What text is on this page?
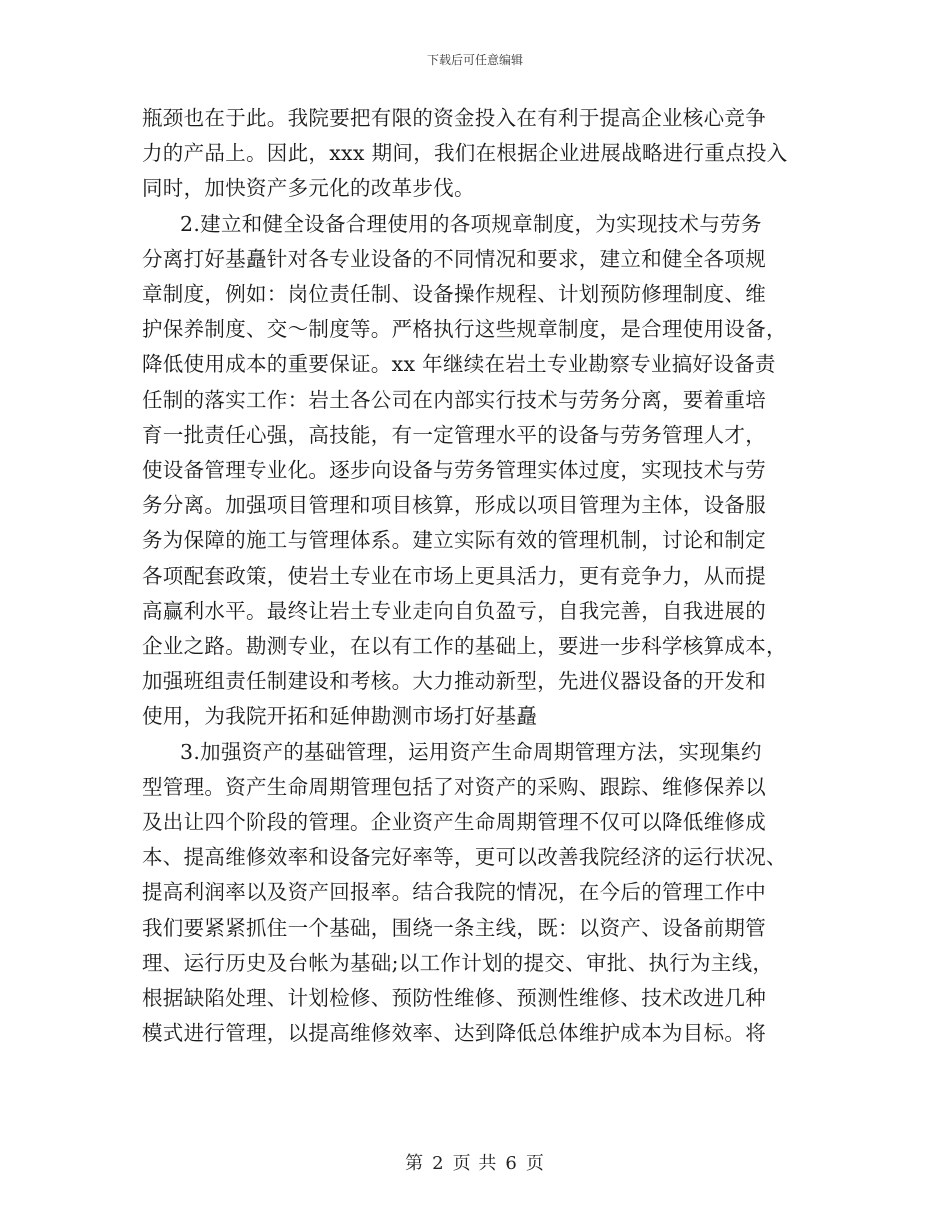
下载后可任意编辑

瓶颈也在于此。我院要把有限的资金投入在有利于提高企业核心竞争
力的产品上。因此，xxx 期间，我们在根据企业进展战略进行重点投入
同时，加快资产多元化的改革步伐。

2.建立和健全设备合理使用的各项规章制度，为实现技术与劳务
分离打好基矗针对各专业设备的不同情况和要求，建立和健全各项规
章制度，例如：岗位责任制、设备操作规程、计划预防修理制度、维
护保养制度、交～制度等。严格执行这些规章制度，是合理使用设备，
降低使用成本的重要保证。xx 年继续在岩土专业勘察专业搞好设备责
任制的落实工作：岩土各公司在内部实行技术与劳务分离，要着重培
育一批责任心强，高技能，有一定管理水平的设备与劳务管理人才，
使设备管理专业化。逐步向设备与劳务管理实体过度，实现技术与劳
务分离。加强项目管理和项目核算，形成以项目管理为主体，设备服
务为保障的施工与管理体系。建立实际有效的管理机制，讨论和制定
各项配套政策，使岩土专业在市场上更具活力，更有竞争力，从而提
高赢利水平。最终让岩土专业走向自负盈亏，自我完善，自我进展的
企业之路。勘测专业，在以有工作的基础上，要进一步科学核算成本，
加强班组责任制建设和考核。大力推动新型，先进仪器设备的开发和
使用，为我院开拓和延伸勘测市场打好基矗

3.加强资产的基础管理，运用资产生命周期管理方法，实现集约
型管理。资产生命周期管理包括了对资产的采购、跟踪、维修保养以
及出让四个阶段的管理。企业资产生命周期管理不仅可以降低维修成
本、提高维修效率和设备完好率等，更可以改善我院经济的运行状况、
提高利润率以及资产回报率。结合我院的情况，在今后的管理工作中
我们要紧紧抓住一个基础，围绕一条主线，既：以资产、设备前期管
理、运行历史及台帐为基础;以工作计划的提交、审批、执行为主线，
根据缺陷处理、计划检修、预防性维修、预测性维修、技术改进几种
模式进行管理，以提高维修效率、达到降低总体维护成本为目标。将

第 2 页 共 6 页
